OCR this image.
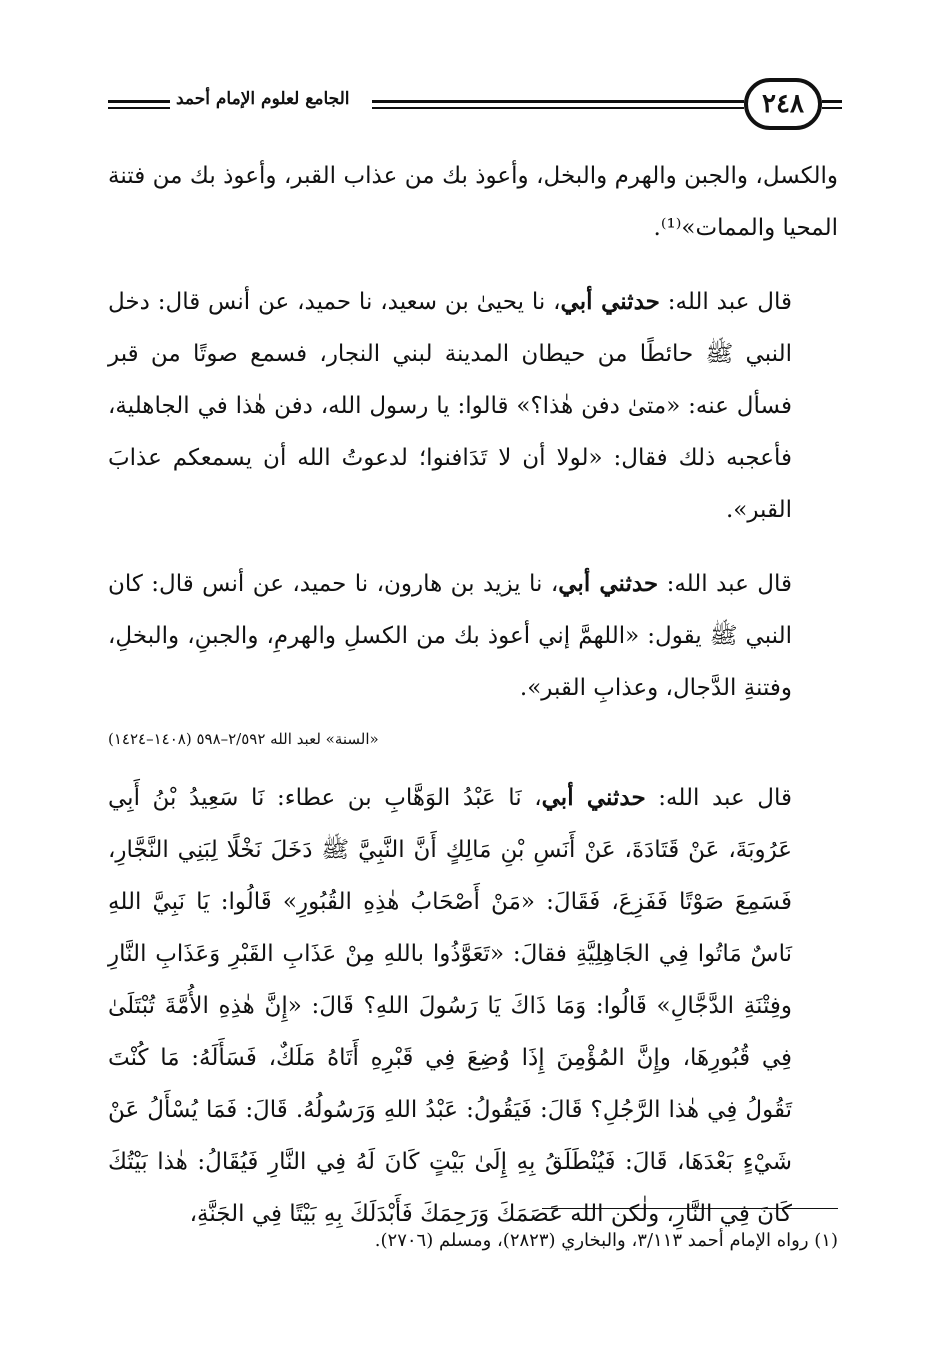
الجامع لعلوم الإمام أحمد	٢٤٨

والكسل، والجبن والهرم والبخل، وأعوذ بك من عذاب القبر، وأعوذ بك من فتنة المحيا والممات»⁽¹⁾.

قال عبد الله: حدثني أبي، نا يحيىٰ بن سعيد، نا حميد، عن أنس قال: دخل النبي ﷺ حائطًا من حيطان المدينة لبني النجار، فسمع صوتًا من قبر فسأل عنه: «متىٰ دفن هٰذا؟» قالوا: يا رسول الله، دفن هٰذا في الجاهلية، فأعجبه ذلك فقال: «لولا أن لا تَدَافنوا؛ لدعوتُ الله أن يسمعكم عذابَ القبر».

قال عبد الله: حدثني أبي، نا يزيد بن هارون، نا حميد، عن أنس قال: كان النبي ﷺ يقول: «اللهمَّ إني أعوذ بك من الكسلِ والهرمِ، والجبنِ، والبخلِ، وفتنةِ الدَّجال، وعذابِ القبر».

«السنة» لعبد الله ٢/٥٩٢–٥٩٨ (١٤٠٨–١٤٢٤)

قال عبد الله: حدثني أبي، نَا عَبْدُ الوَهَّابِ بن عطاء: نَا سَعِيدُ بْنُ أَبِي عَرُوبَةَ، عَنْ قَتَادَةَ، عَنْ أَنَسِ بْنِ مَالِكٍ أَنَّ النَّبِيَّ ﷺ دَخَلَ نَخْلًا لِبَنِي النَّجَّارِ، فَسَمِعَ صَوْتًا فَفَزِعَ، فَقَالَ: «مَنْ أَصْحَابُ هٰذِهِ القُبُورِ» قَالُوا: يَا نَبِيَّ اللهِ نَاسٌ مَاتُوا فِي الجَاهِلِيَّةِ فقالَ: «تَعَوَّذُوا باللهِ مِنْ عَذَابِ القَبْرِ وَعَذَابِ النَّارِ وفِتْنَةِ الدَّجَّالِ» قَالُوا: وَمَا ذَاكَ يَا رَسُولَ اللهِ؟ قَالَ: «إِنَّ هٰذِهِ الأُمَّةَ تُبْتَلَىٰ فِي قُبُورِهَا، وإِنَّ المُؤْمِنَ إِذَا وُضِعَ فِي قَبْرِهِ أَتَاهُ مَلَكٌ، فَسَأَلَهُ: مَا كُنْتَ تَقُولُ فِي هٰذا الرَّجُلِ؟ قَالَ: فَيَقُولُ: عَبْدُ اللهِ وَرَسُولُهُ. قَالَ: فَمَا يُسْأَلُ عَنْ شَيْءٍ بَعْدَهَا، قَالَ: فَيُنْطَلَقُ بِهِ إِلَىٰ بَيْتٍ كَانَ لَهُ فِي النَّارِ فَيُقَالُ: هٰذا بَيْتُكَ كَانَ فِي النَّارِ، ولٰكن الله عَصَمَكَ وَرَحِمَكَ فَأَبْدَلَكَ بِهِ بَيْتًا فِي الجَنَّةِ،

(١) رواه الإمام أحمد ٣/١١٣، والبخاري (٢٨٢٣)، ومسلم (٢٧٠٦).
